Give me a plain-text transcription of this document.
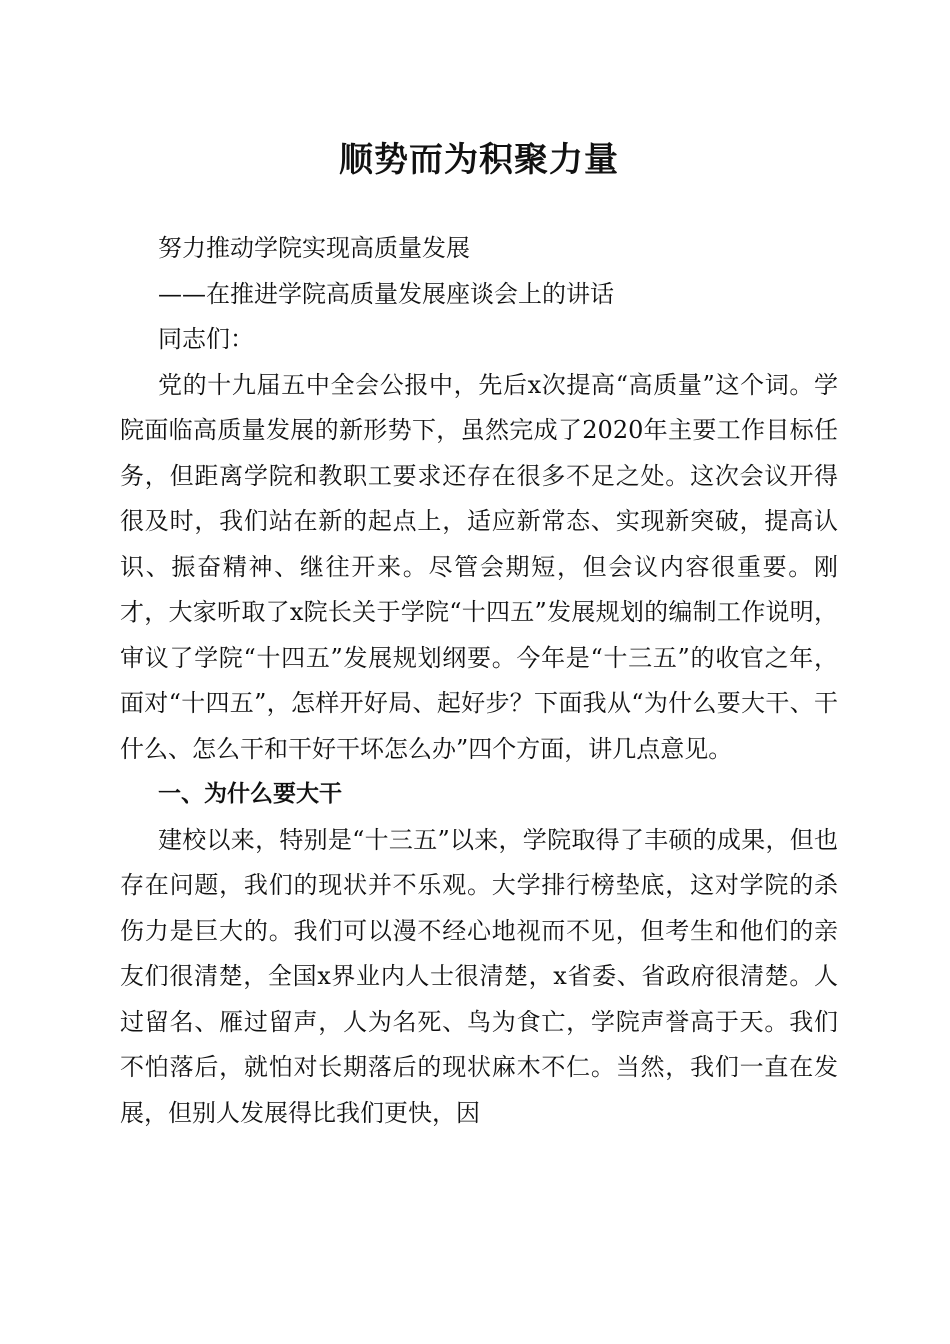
顺势而为积聚力量

努力推动学院实现高质量发展

——在推进学院高质量发展座谈会上的讲话

同志们：

党的十九届五中全会公报中，先后x次提高“高质量”这个词。学院面临高质量发展的新形势下，虽然完成了2020年主要工作目标任务，但距离学院和教职工要求还存在很多不足之处。这次会议开得很及时，我们站在新的起点上，适应新常态、实现新突破，提高认识、振奋精神、继往开来。尽管会期短，但会议内容很重要。刚才，大家听取了x院长关于学院“十四五”发展规划的编制工作说明，审议了学院“十四五”发展规划纲要。今年是“十三五”的收官之年，面对“十四五”，怎样开好局、起好步？下面我从“为什么要大干、干什么、怎么干和干好干坏怎么办”四个方面，讲几点意见。

一、为什么要大干

建校以来，特别是“十三五”以来，学院取得了丰硕的成果，但也存在问题，我们的现状并不乐观。大学排行榜垫底，这对学院的杀伤力是巨大的。我们可以漫不经心地视而不见，但考生和他们的亲友们很清楚，全国x界业内人士很清楚，x省委、省政府很清楚。人过留名、雁过留声，人为名死、鸟为食亡，学院声誉高于天。我们不怕落后，就怕对长期落后的现状麻木不仁。当然，我们一直在发展，但别人发展得比我们更快，因
